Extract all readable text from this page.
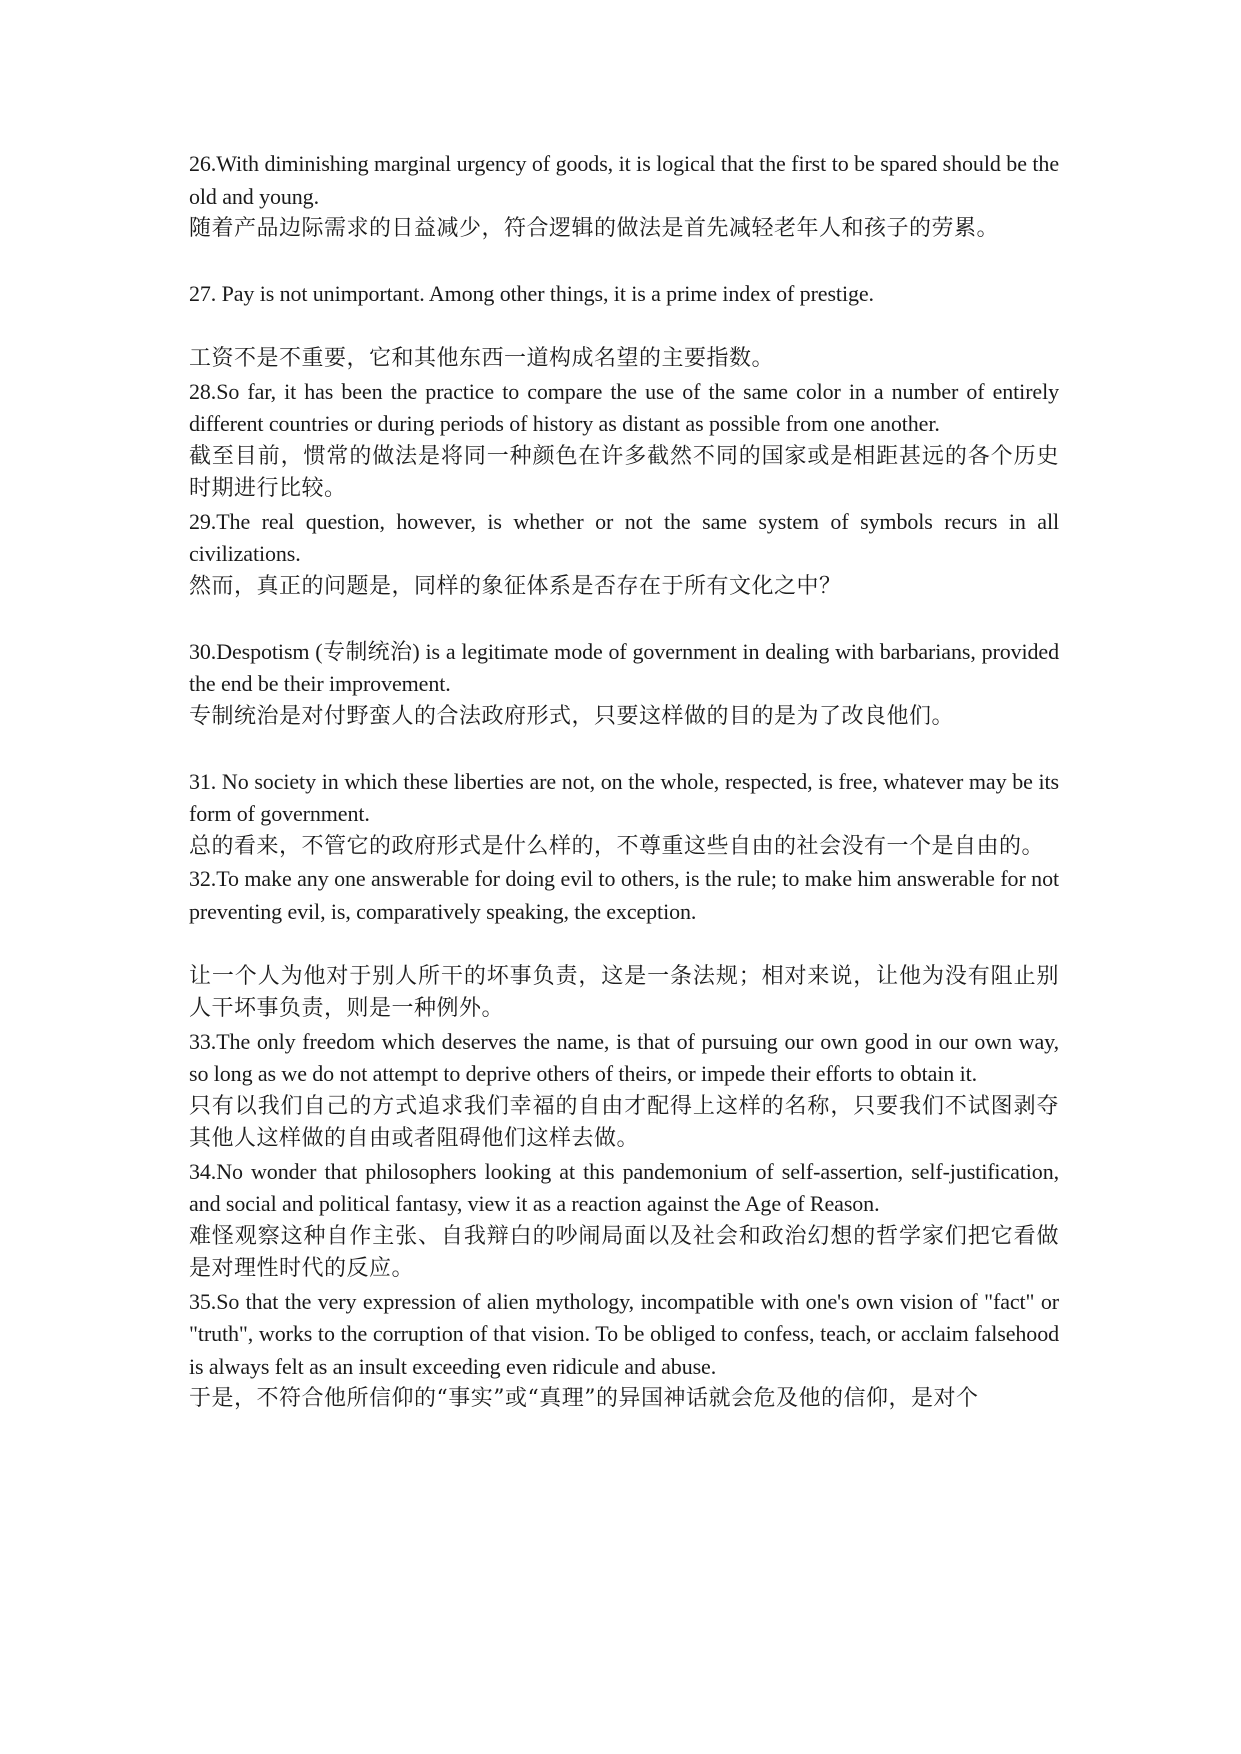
26.With diminishing marginal urgency of goods, it is logical that the first to be spared should be the old and young.

随着产品边际需求的日益减少，符合逻辑的做法是首先减轻老年人和孩子的劳累。

27. Pay is not unimportant. Among other things, it is a prime index of prestige.

工资不是不重要，它和其他东西一道构成名望的主要指数。

28.So far, it has been the practice to compare the use of the same color in a number of entirely different countries or during periods of history as distant as possible from one another.

截至目前，惯常的做法是将同一种颜色在许多截然不同的国家或是相距甚远的各个历史时期进行比较。

29.The real question, however, is whether or not the same system of symbols recurs in all civilizations.

然而，真正的问题是，同样的象征体系是否存在于所有文化之中？

30.Despotism (专制统治) is a legitimate mode of government in dealing with barbarians, provided the end be their improvement.

专制统治是对付野蛮人的合法政府形式，只要这样做的目的是为了改良他们。

31. No society in which these liberties are not, on the whole, respected, is free, whatever may be its form of government.

总的看来，不管它的政府形式是什么样的，不尊重这些自由的社会没有一个是自由的。

32.To make any one answerable for doing evil to others, is the rule; to make him answerable for not preventing evil, is, comparatively speaking, the exception.

让一个人为他对于别人所干的坏事负责，这是一条法规；相对来说，让他为没有阻止别人干坏事负责，则是一种例外。

33.The only freedom which deserves the name, is that of pursuing our own good in our own way, so long as we do not attempt to deprive others of theirs, or impede their efforts to obtain it.

只有以我们自己的方式追求我们幸福的自由才配得上这样的名称，只要我们不试图剥夺其他人这样做的自由或者阻碍他们这样去做。

34.No wonder that philosophers looking at this pandemonium of self-assertion, self-justification, and social and political fantasy, view it as a reaction against the Age of Reason.

难怪观察这种自作主张、自我辩白的吵闹局面以及社会和政治幻想的哲学家们把它看做是对理性时代的反应。

35.So that the very expression of alien mythology, incompatible with one's own vision of "fact" or "truth", works to the corruption of that vision. To be obliged to confess, teach, or acclaim falsehood is always felt as an insult exceeding even ridicule and abuse.

于是，不符合他所信仰的“事实”或“真理”的异国神话就会危及他的信仰，是对个
